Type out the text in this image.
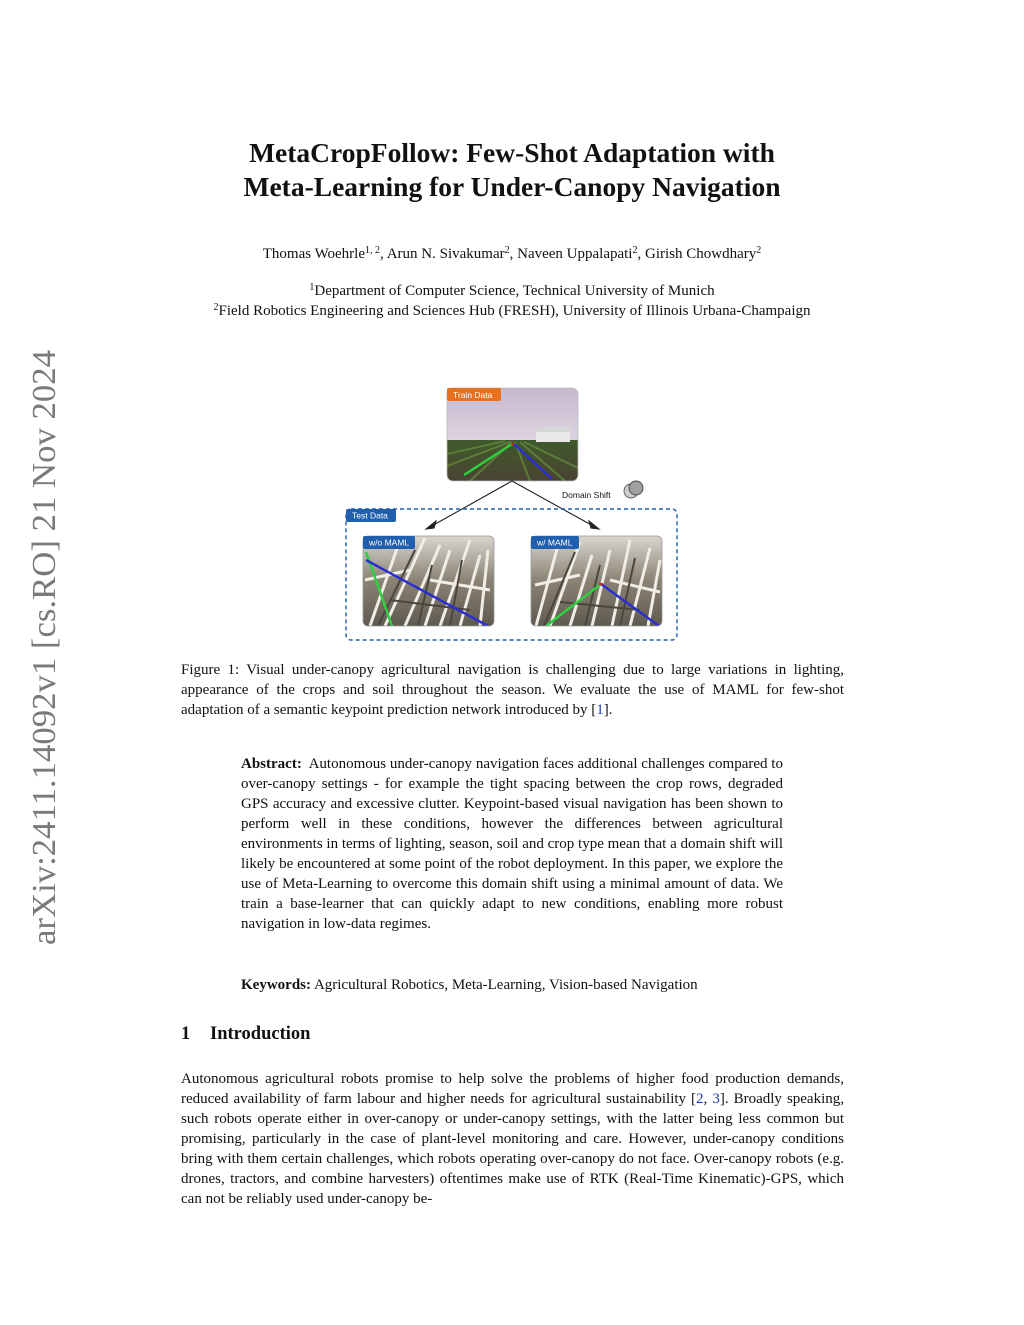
arXiv:2411.14092v1 [cs.RO] 21 Nov 2024
MetaCropFollow: Few-Shot Adaptation with
Meta-Learning for Under-Canopy Navigation
Thomas Woehrle$^{1, 2}$, Arun N. Sivakumar$^2$, Naveen Uppalapati$^2$, Girish Chowdhary$^2$
$^1$Department of Computer Science, Technical University of Munich
$^2$Field Robotics Engineering and Sciences Hub (FRESH), University of Illinois Urbana-Champaign
Train Data
Domain Shift
Test Data
w/o MAML	w/ MAML
Figure 1: Visual under-canopy agricultural navigation is challenging due to large variations in lighting, appearance of the crops and soil throughout the season. We evaluate the use of MAML for few-shot adaptation of a semantic keypoint prediction network introduced by [1].
Abstract: Autonomous under-canopy navigation faces additional challenges compared to over-canopy settings - for example the tight spacing between the crop rows, degraded GPS accuracy and excessive clutter. Keypoint-based visual navigation has been shown to perform well in these conditions, however the differences between agricultural environments in terms of lighting, season, soil and crop type mean that a domain shift will likely be encountered at some point of the robot deployment. In this paper, we explore the use of Meta-Learning to overcome this domain shift using a minimal amount of data. We train a base-learner that can quickly adapt to new conditions, enabling more robust navigation in low-data regimes.
Keywords: Agricultural Robotics, Meta-Learning, Vision-based Navigation
1 Introduction
Autonomous agricultural robots promise to help solve the problems of higher food production demands, reduced availability of farm labour and higher needs for agricultural sustainability [2, 3]. Broadly speaking, such robots operate either in over-canopy or under-canopy settings, with the latter being less common but promising, particularly in the case of plant-level monitoring and care. However, under-canopy conditions bring with them certain challenges, which robots operating over-canopy do not face. Over-canopy robots (e.g. drones, tractors, and combine harvesters) oftentimes make use of RTK (Real-Time Kinematic)-GPS, which can not be reliably used under-canopy be-
